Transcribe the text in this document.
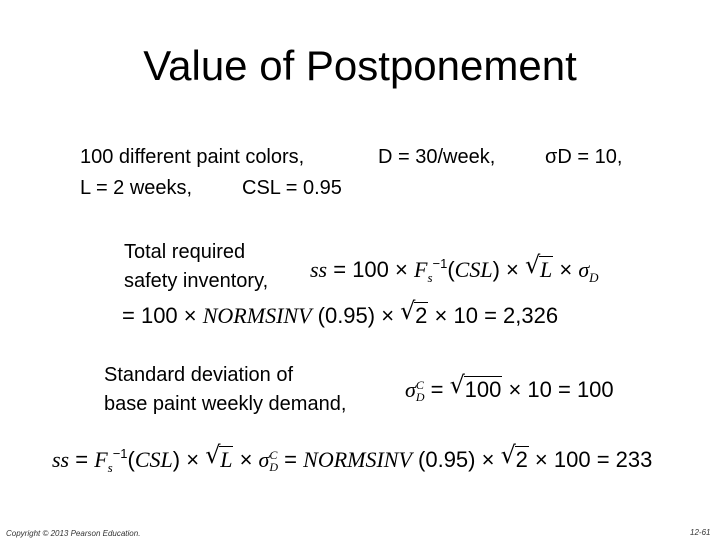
Value of Postponement
100 different paint colors,	D = 30/week, σD = 10,
L = 2 weeks, CSL = 0.95
Total required
safety inventory, ss = $100 \times F_s^{-1}(CSL)$ × √ $L \times \sigma_D$
= 100 × NORMSINV (0.95) × √ 2 × 10 = 2,326
Standard deviation of
base paint weekly demand,
σ C
D = √ 100 × 10 = 100
ss = $F_s^{-1}(CSL)$ × √ L × σ C
D = NORMSINV (0.95) × √ 2 × 100 = 233
Copyright © 2013 Pearson Education.	12-61
